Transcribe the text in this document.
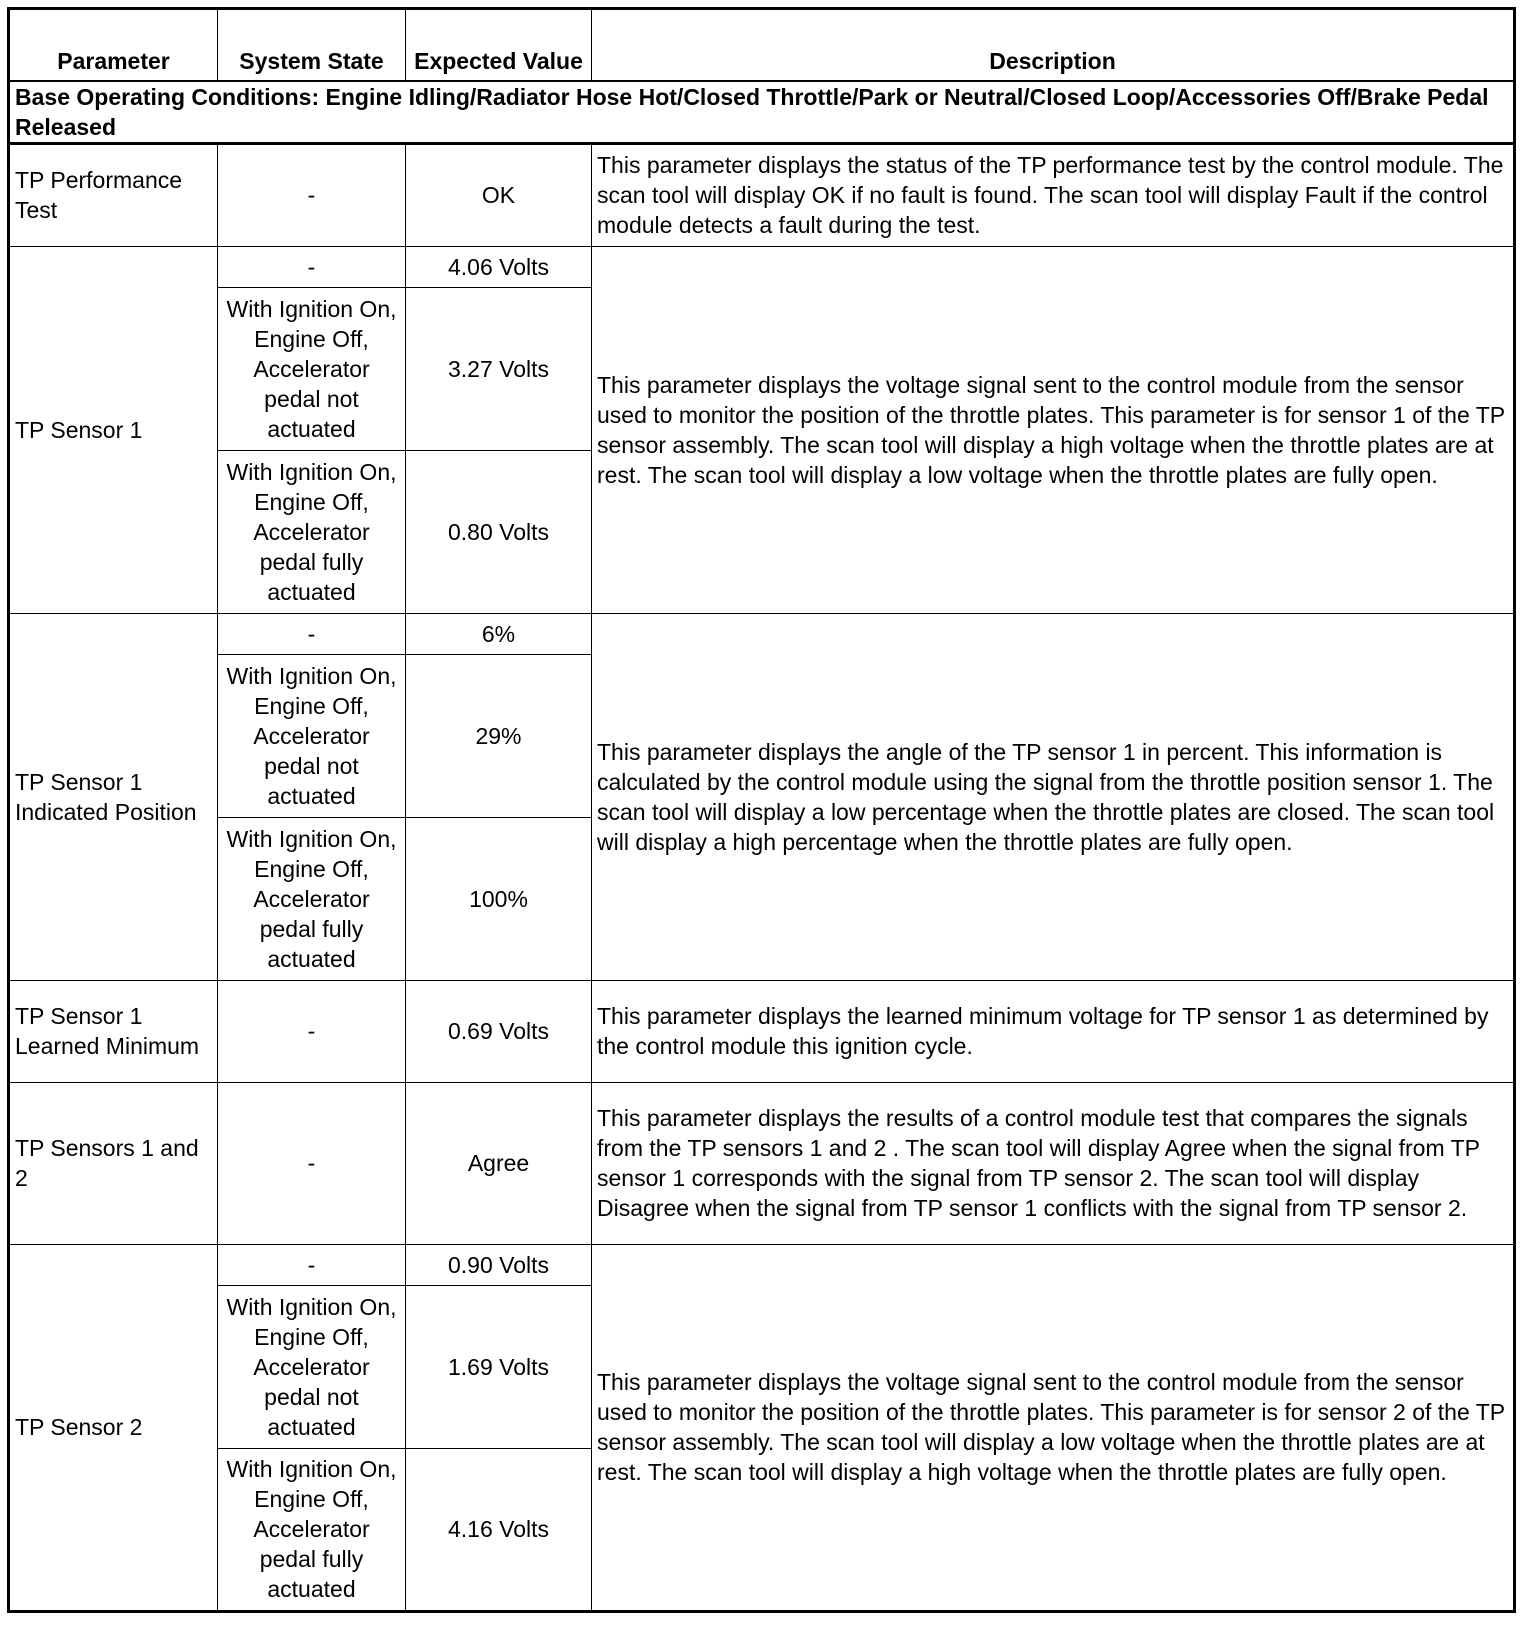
Parameter	System State	Expected Value	Description
Base Operating Conditions: Engine Idling/Radiator Hose Hot/Closed Throttle/Park or Neutral/Closed Loop/Accessories Off/Brake Pedal Released			
TP Performance Test	-	OK	This parameter displays the status of the TP performance test by the control module. The scan tool will display OK if no fault is found. The scan tool will display Fault if the control module detects a fault during the test.
TP Sensor 1	-	4.06 Volts	This parameter displays the voltage signal sent to the control module from the sensor used to monitor the position of the throttle plates. This parameter is for sensor 1 of the TP sensor assembly. The scan tool will display a high voltage when the throttle plates are at rest. The scan tool will display a low voltage when the throttle plates are fully open.
	With Ignition On, Engine Off, Accelerator pedal not actuated	3.27 Volts	
	With Ignition On, Engine Off, Accelerator pedal fully actuated	0.80 Volts	
TP Sensor 1 Indicated Position	-	6%	This parameter displays the angle of the TP sensor 1 in percent. This information is calculated by the control module using the signal from the throttle position sensor 1. The scan tool will display a low percentage when the throttle plates are closed. The scan tool will display a high percentage when the throttle plates are fully open.
	With Ignition On, Engine Off, Accelerator pedal not actuated	29%	
	With Ignition On, Engine Off, Accelerator pedal fully actuated	100%	
TP Sensor 1 Learned Minimum	-	0.69 Volts	This parameter displays the learned minimum voltage for TP sensor 1 as determined by the control module this ignition cycle.
TP Sensors 1 and 2	-	Agree	This parameter displays the results of a control module test that compares the signals from the TP sensors 1 and 2 . The scan tool will display Agree when the signal from TP sensor 1 corresponds with the signal from TP sensor 2. The scan tool will display Disagree when the signal from TP sensor 1 conflicts with the signal from TP sensor 2.
TP Sensor 2	-	0.90 Volts	This parameter displays the voltage signal sent to the control module from the sensor used to monitor the position of the throttle plates. This parameter is for sensor 2 of the TP sensor assembly. The scan tool will display a low voltage when the throttle plates are at rest. The scan tool will display a high voltage when the throttle plates are fully open.
	With Ignition On, Engine Off, Accelerator pedal not actuated	1.69 Volts	
	With Ignition On, Engine Off, Accelerator pedal fully actuated	4.16 Volts	
